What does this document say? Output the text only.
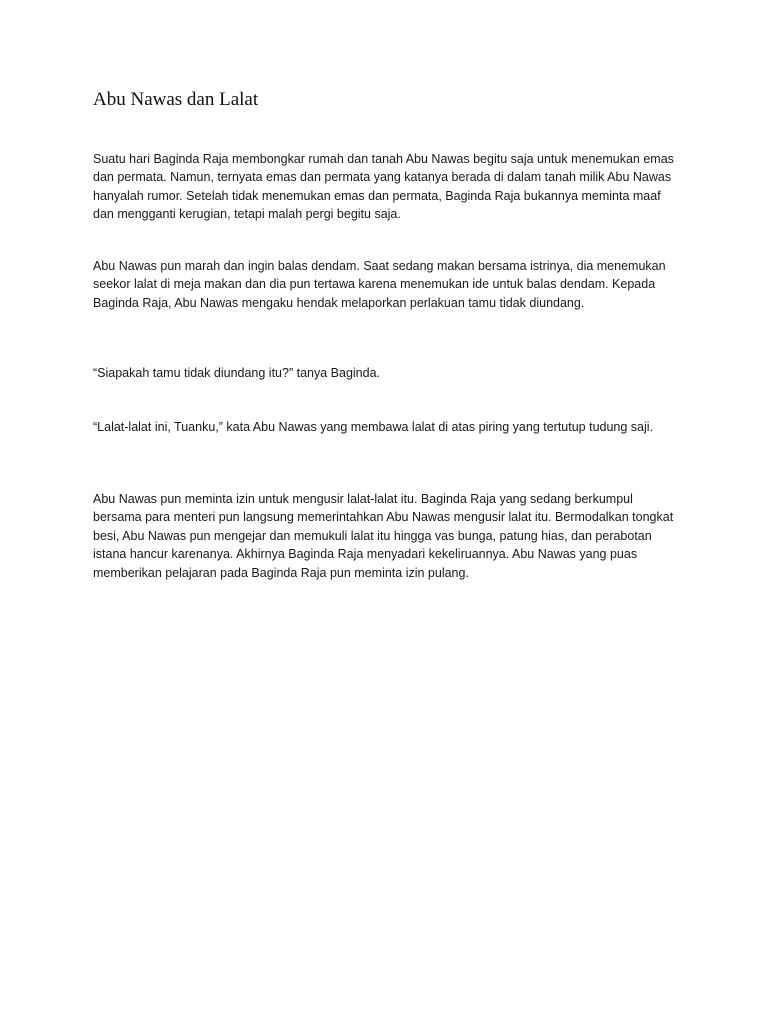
Abu Nawas dan Lalat

Suatu hari Baginda Raja membongkar rumah dan tanah Abu Nawas begitu saja untuk menemukan emas dan permata. Namun, ternyata emas dan permata yang katanya berada di dalam tanah milik Abu Nawas hanyalah rumor. Setelah tidak menemukan emas dan permata, Baginda Raja bukannya meminta maaf dan mengganti kerugian, tetapi malah pergi begitu saja.

Abu Nawas pun marah dan ingin balas dendam. Saat sedang makan bersama istrinya, dia menemukan seekor lalat di meja makan dan dia pun tertawa karena menemukan ide untuk balas dendam. Kepada Baginda Raja, Abu Nawas mengaku hendak melaporkan perlakuan tamu tidak diundang.

“Siapakah tamu tidak diundang itu?” tanya Baginda.

“Lalat-lalat ini, Tuanku,” kata Abu Nawas yang membawa lalat di atas piring yang tertutup tudung saji.

Abu Nawas pun meminta izin untuk mengusir lalat-lalat itu. Baginda Raja yang sedang berkumpul bersama para menteri pun langsung memerintahkan Abu Nawas mengusir lalat itu. Bermodalkan tongkat besi, Abu Nawas pun mengejar dan memukuli lalat itu hingga vas bunga, patung hias, dan perabotan istana hancur karenanya. Akhirnya Baginda Raja menyadari kekeliruannya. Abu Nawas yang puas memberikan pelajaran pada Baginda Raja pun meminta izin pulang.
